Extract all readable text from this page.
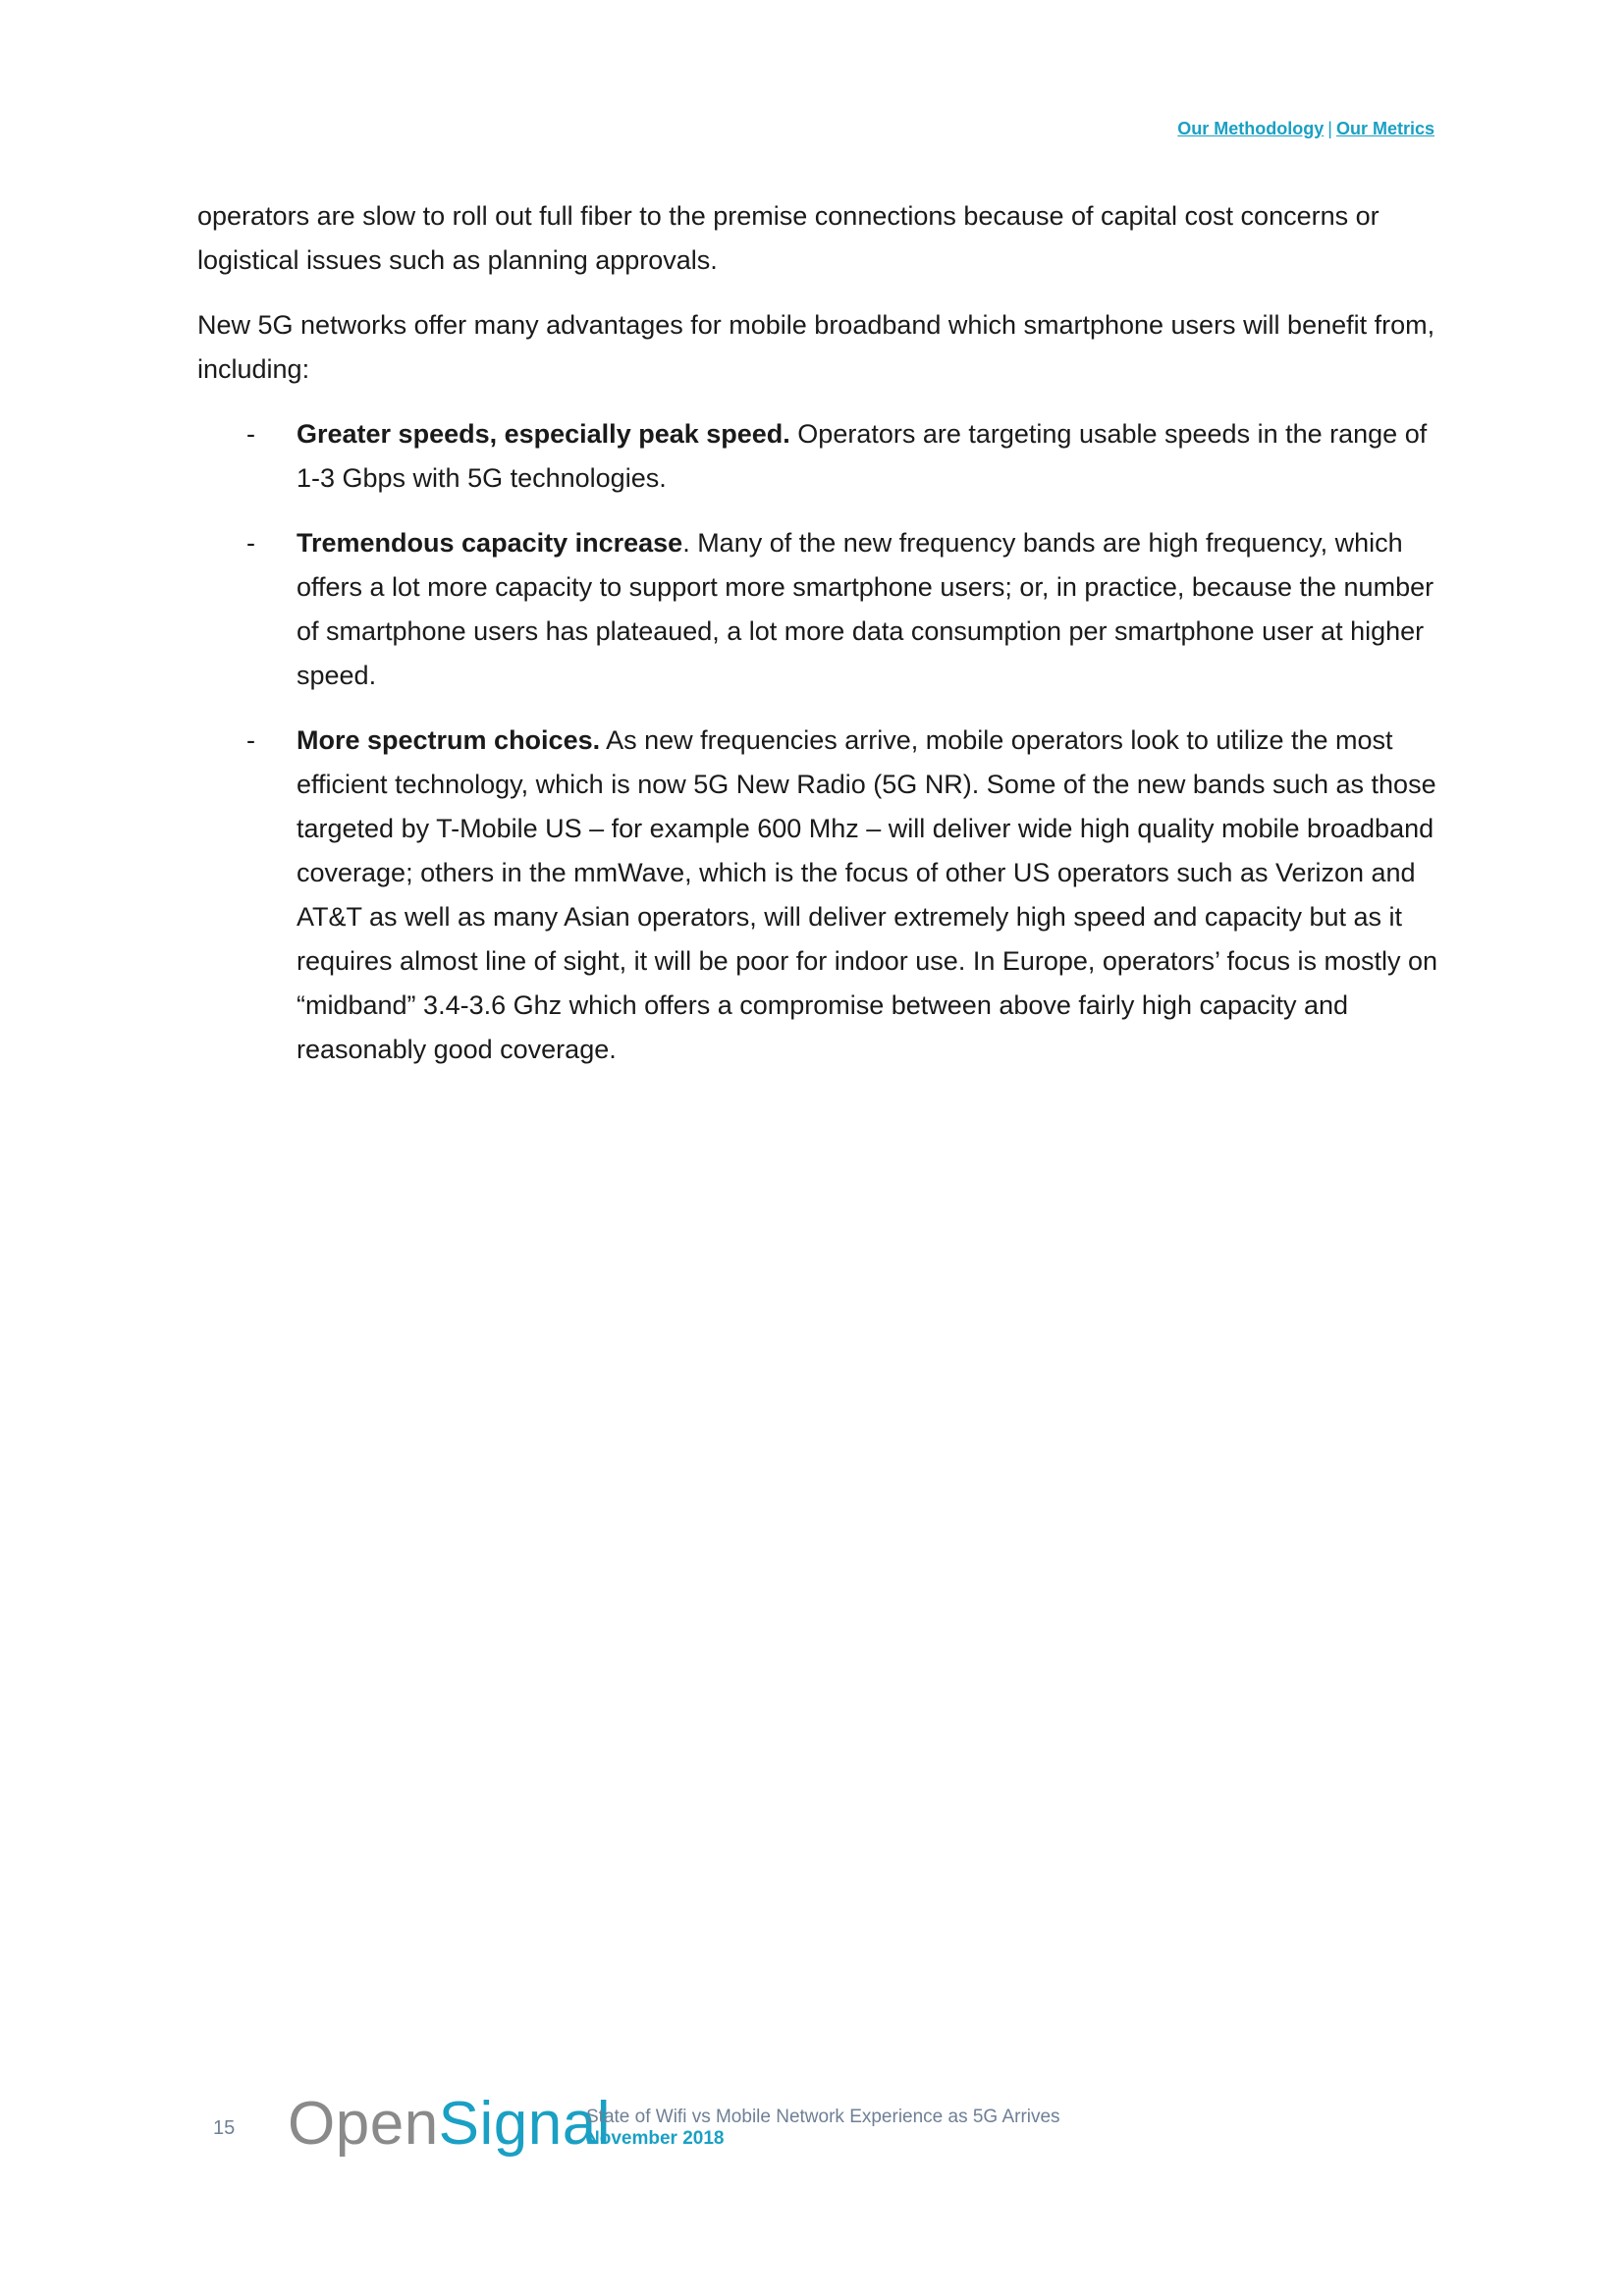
Our Methodology | Our Metrics

operators are slow to roll out full fiber to the premise connections because of capital cost concerns or logistical issues such as planning approvals.

New 5G networks offer many advantages for mobile broadband which smartphone users will benefit from, including:

- Greater speeds, especially peak speed. Operators are targeting usable speeds in the range of 1-3 Gbps with 5G technologies.
- Tremendous capacity increase. Many of the new frequency bands are high frequency, which offers a lot more capacity to support more smartphone users; or, in practice, because the number of smartphone users has plateaued, a lot more data consumption per smartphone user at higher speed.
- More spectrum choices. As new frequencies arrive, mobile operators look to utilize the most efficient technology, which is now 5G New Radio (5G NR). Some of the new bands such as those targeted by T-Mobile US – for example 600 Mhz – will deliver wide high quality mobile broadband coverage; others in the mmWave, which is the focus of other US operators such as Verizon and AT&T as well as many Asian operators, will deliver extremely high speed and capacity but as it requires almost line of sight, it will be poor for indoor use. In Europe, operators’ focus is mostly on “midband” 3.4-3.6 Ghz which offers a compromise between above fairly high capacity and reasonably good coverage.
15 OpenSignal
State of Wifi vs Mobile Network Experience as 5G Arrives
November 2018
